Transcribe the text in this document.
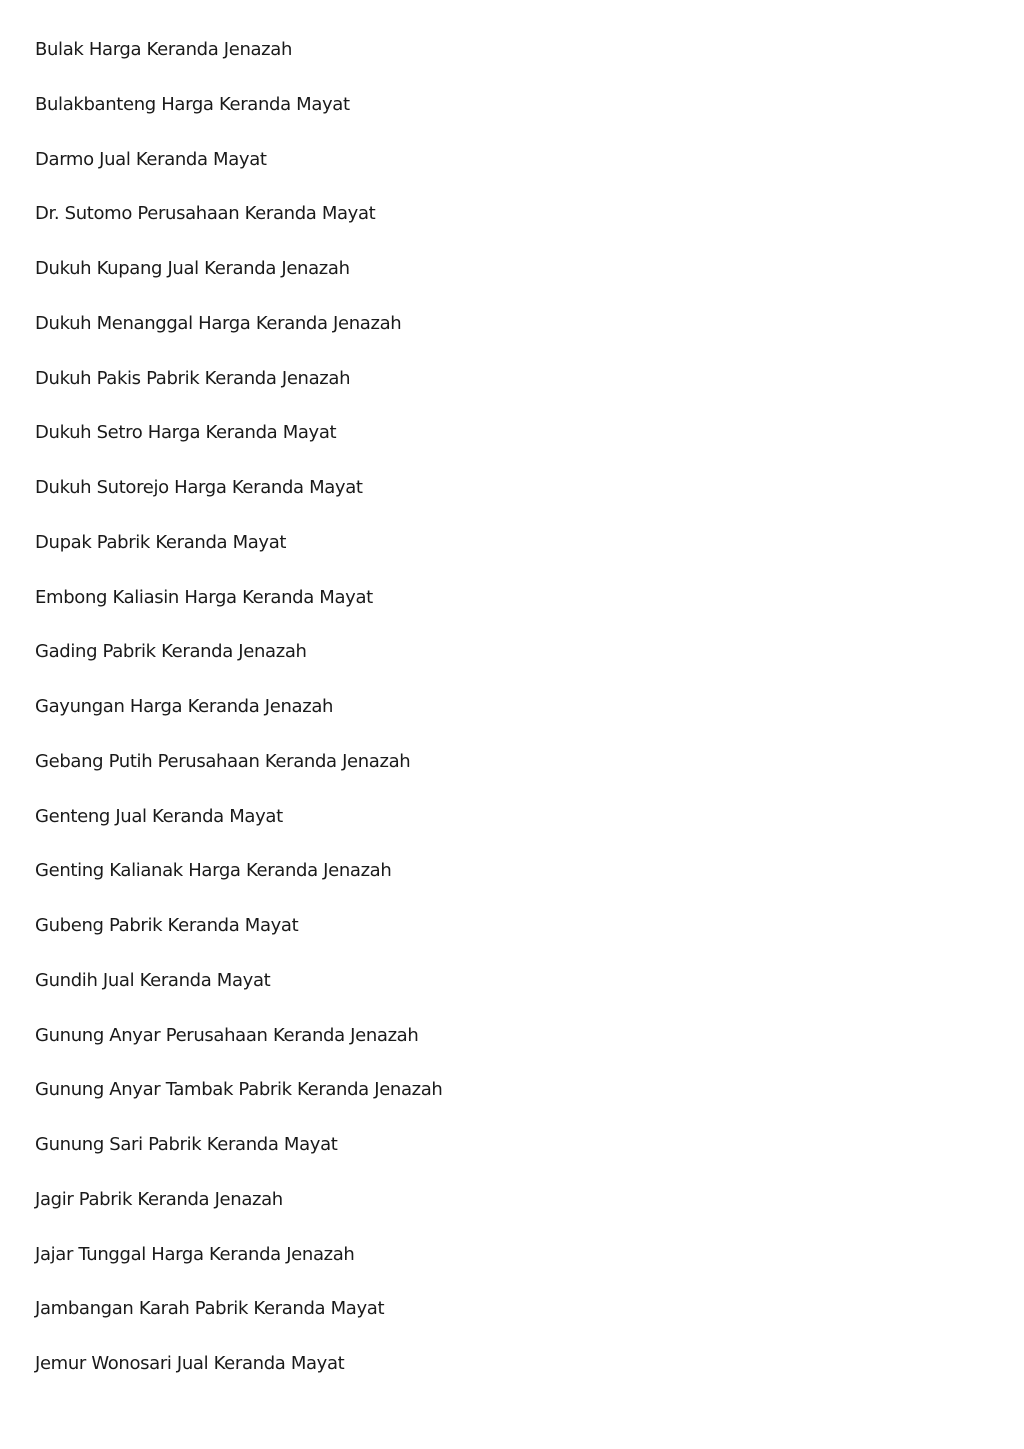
Bulak Harga Keranda Jenazah
Bulakbanteng Harga Keranda Mayat
Darmo Jual Keranda Mayat
Dr. Sutomo Perusahaan Keranda Mayat
Dukuh Kupang Jual Keranda Jenazah
Dukuh Menanggal Harga Keranda Jenazah
Dukuh Pakis Pabrik Keranda Jenazah
Dukuh Setro Harga Keranda Mayat
Dukuh Sutorejo Harga Keranda Mayat
Dupak Pabrik Keranda Mayat
Embong Kaliasin Harga Keranda Mayat
Gading Pabrik Keranda Jenazah
Gayungan Harga Keranda Jenazah
Gebang Putih Perusahaan Keranda Jenazah
Genteng Jual Keranda Mayat
Genting Kalianak Harga Keranda Jenazah
Gubeng Pabrik Keranda Mayat
Gundih Jual Keranda Mayat
Gunung Anyar Perusahaan Keranda Jenazah
Gunung Anyar Tambak Pabrik Keranda Jenazah
Gunung Sari Pabrik Keranda Mayat
Jagir Pabrik Keranda Jenazah
Jajar Tunggal Harga Keranda Jenazah
Jambangan Karah Pabrik Keranda Mayat
Jemur Wonosari Jual Keranda Mayat
